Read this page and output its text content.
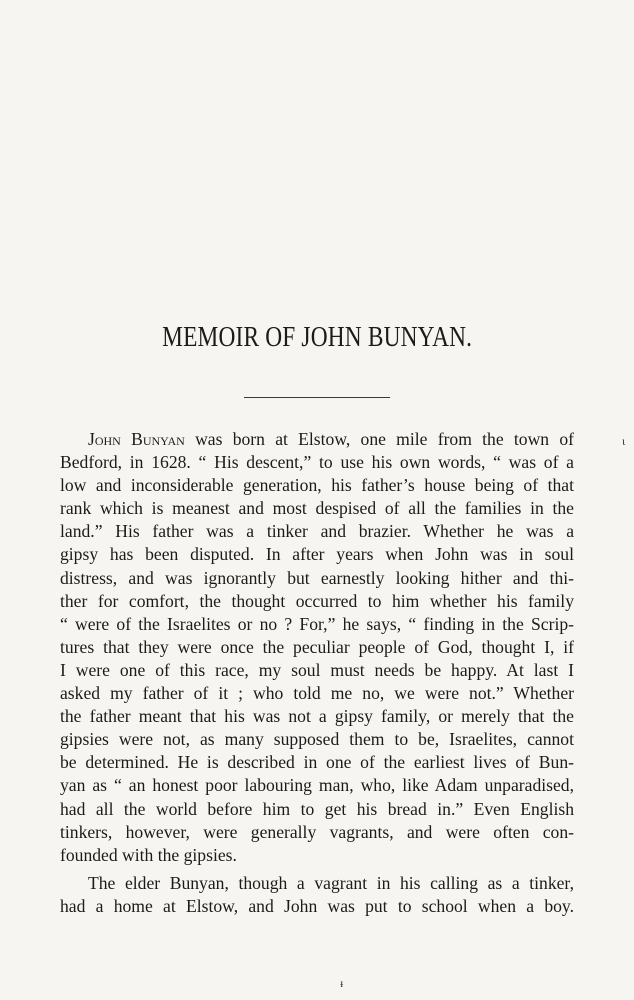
MEMOIR OF JOHN BUNYAN.
John Bunyan was born at Elstow, one mile from the town of
Bedford, in 1628. “ His descent,” to use his own words, “ was of a
low and inconsiderable generation, his father’s house being of that
rank which is meanest and most despised of all the families in the
land.” His father was a tinker and brazier. Whether he was a
gipsy has been disputed. In after years when John was in soul
distress, and was ignorantly but earnestly looking hither and thi-
ther for comfort, the thought occurred to him whether his family
“ were of the Israelites or no ? For,” he says, “ finding in the Scrip-
tures that they were once the peculiar people of God, thought I, if
I were one of this race, my soul must needs be happy. At last I
asked my father of it ; who told me no, we were not.” Whether
the father meant that his was not a gipsy family, or merely that the
gipsies were not, as many supposed them to be, Israelites, cannot
be determined. He is described in one of the earliest lives of Bun-
yan as “ an honest poor labouring man, who, like Adam unparadised,
had all the world before him to get his bread in.” Even English
tinkers, however, were generally vagrants, and were often con-
founded with the gipsies.
The elder Bunyan, though a vagrant in his calling as a tinker,
had a home at Elstow, and John was put to school when a boy.
ι
ᵻ
